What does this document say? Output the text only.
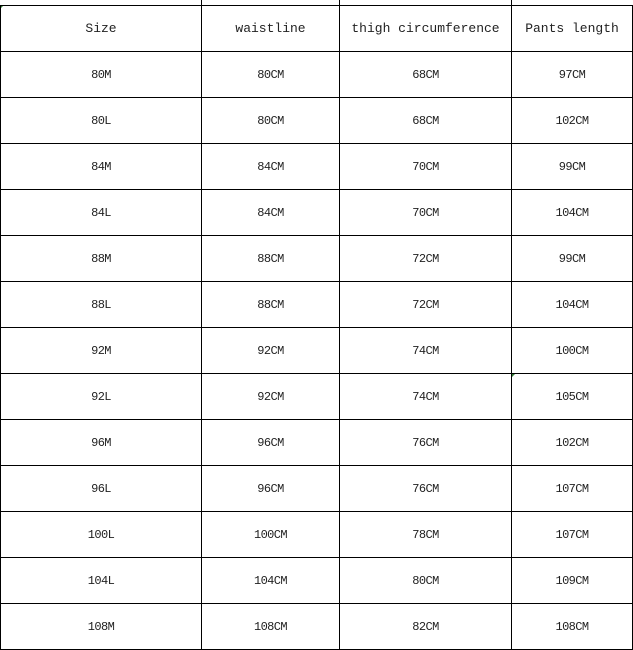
Size	waistline	thigh circumference	Pants length
80M	80CM	68CM	97CM
80L	80CM	68CM	102CM
84M	84CM	70CM	99CM
84L	84CM	70CM	104CM
88M	88CM	72CM	99CM
88L	88CM	72CM	104CM
92M	92CM	74CM	100CM
92L	92CM	74CM	105CM
96M	96CM	76CM	102CM
96L	96CM	76CM	107CM
100L	100CM	78CM	107CM
104L	104CM	80CM	109CM
108M	108CM	82CM	108CM
